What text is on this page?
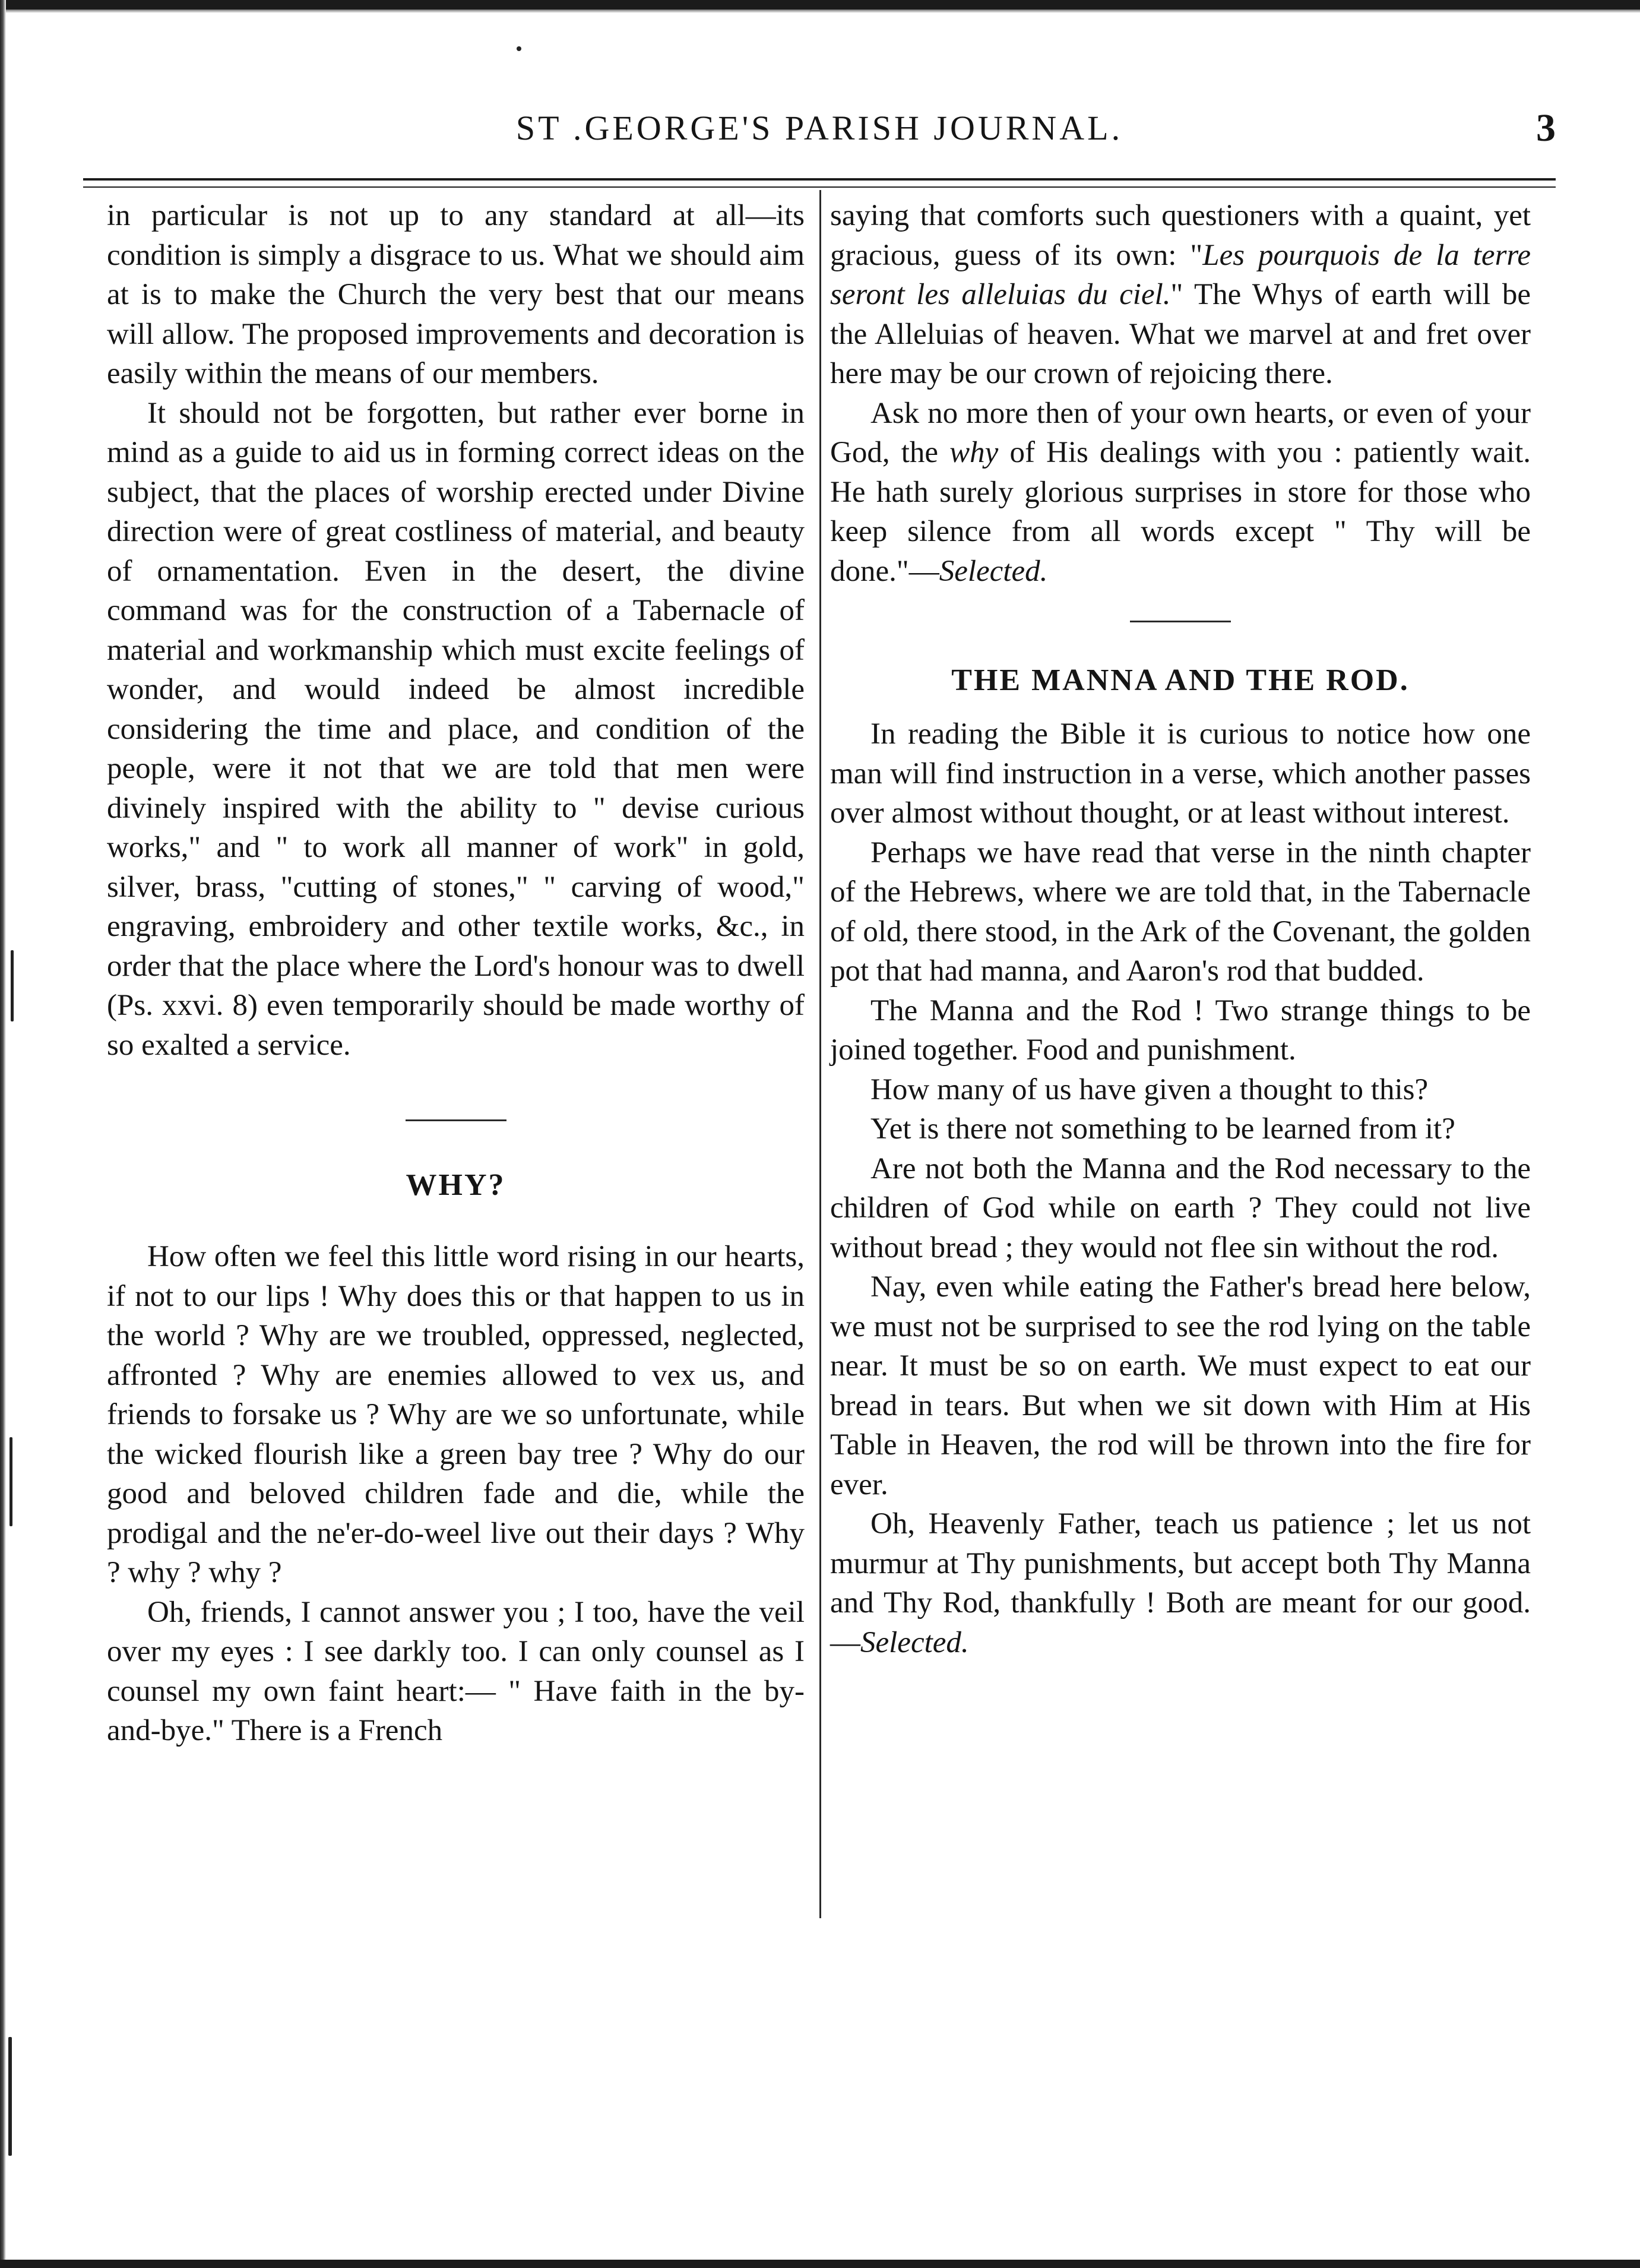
ST .GEORGE'S PARISH JOURNAL.	3

in particular is not up to any standard at all—its condition is simply a disgrace to us. What we should aim at is to make the Church the very best that our means will allow. The proposed improvements and decoration is easily within the means of our members.

It should not be forgotten, but rather ever borne in mind as a guide to aid us in forming correct ideas on the subject, that the places of worship erected under Divine direction were of great costliness of material, and beauty of ornamentation. Even in the desert, the divine command was for the construction of a Tabernacle of material and workmanship which must excite feelings of wonder, and would indeed be almost incredible considering the time and place, and condition of the people, were it not that we are told that men were divinely inspired with the ability to " devise curious works," and " to work all manner of work" in gold, silver, brass, "cutting of stones," " carving of wood," engraving, embroidery and other textile works, &c., in order that the place where the Lord's honour was to dwell (Ps. xxvi. 8) even temporarily should be made worthy of so exalted a service.

WHY?

How often we feel this little word rising in our hearts, if not to our lips ! Why does this or that happen to us in the world ? Why are we troubled, oppressed, neglected, affronted ? Why are enemies allowed to vex us, and friends to forsake us ? Why are we so unfortunate, while the wicked flourish like a green bay tree ? Why do our good and beloved children fade and die, while the prodigal and the ne'er-do-weel live out their days ? Why ? why ? why ?

Oh, friends, I cannot answer you ; I too, have the veil over my eyes : I see darkly too. I can only counsel as I counsel my own faint heart:— " Have faith in the by-and-bye." There is a French

saying that comforts such questioners with a quaint, yet gracious, guess of its own: "Les pourquois de la terre seront les alleluias du ciel." The Whys of earth will be the Alleluias of heaven. What we marvel at and fret over here may be our crown of rejoicing there.

Ask no more then of your own hearts, or even of your God, the why of His dealings with you : patiently wait. He hath surely glorious surprises in store for those who keep silence from all words except " Thy will be done."—Selected.

THE MANNA AND THE ROD.

In reading the Bible it is curious to notice how one man will find instruction in a verse, which another passes over almost without thought, or at least without interest.

Perhaps we have read that verse in the ninth chapter of the Hebrews, where we are told that, in the Tabernacle of old, there stood, in the Ark of the Covenant, the golden pot that had manna, and Aaron's rod that budded.

The Manna and the Rod ! Two strange things to be joined together. Food and punishment.

How many of us have given a thought to this?

Yet is there not something to be learned from it?

Are not both the Manna and the Rod necessary to the children of God while on earth ? They could not live without bread ; they would not flee sin without the rod.

Nay, even while eating the Father's bread here below, we must not be surprised to see the rod lying on the table near. It must be so on earth. We must expect to eat our bread in tears. But when we sit down with Him at His Table in Heaven, the rod will be thrown into the fire for ever.

Oh, Heavenly Father, teach us patience ; let us not murmur at Thy punishments, but accept both Thy Manna and Thy Rod, thankfully ! Both are meant for our good.—Selected.
